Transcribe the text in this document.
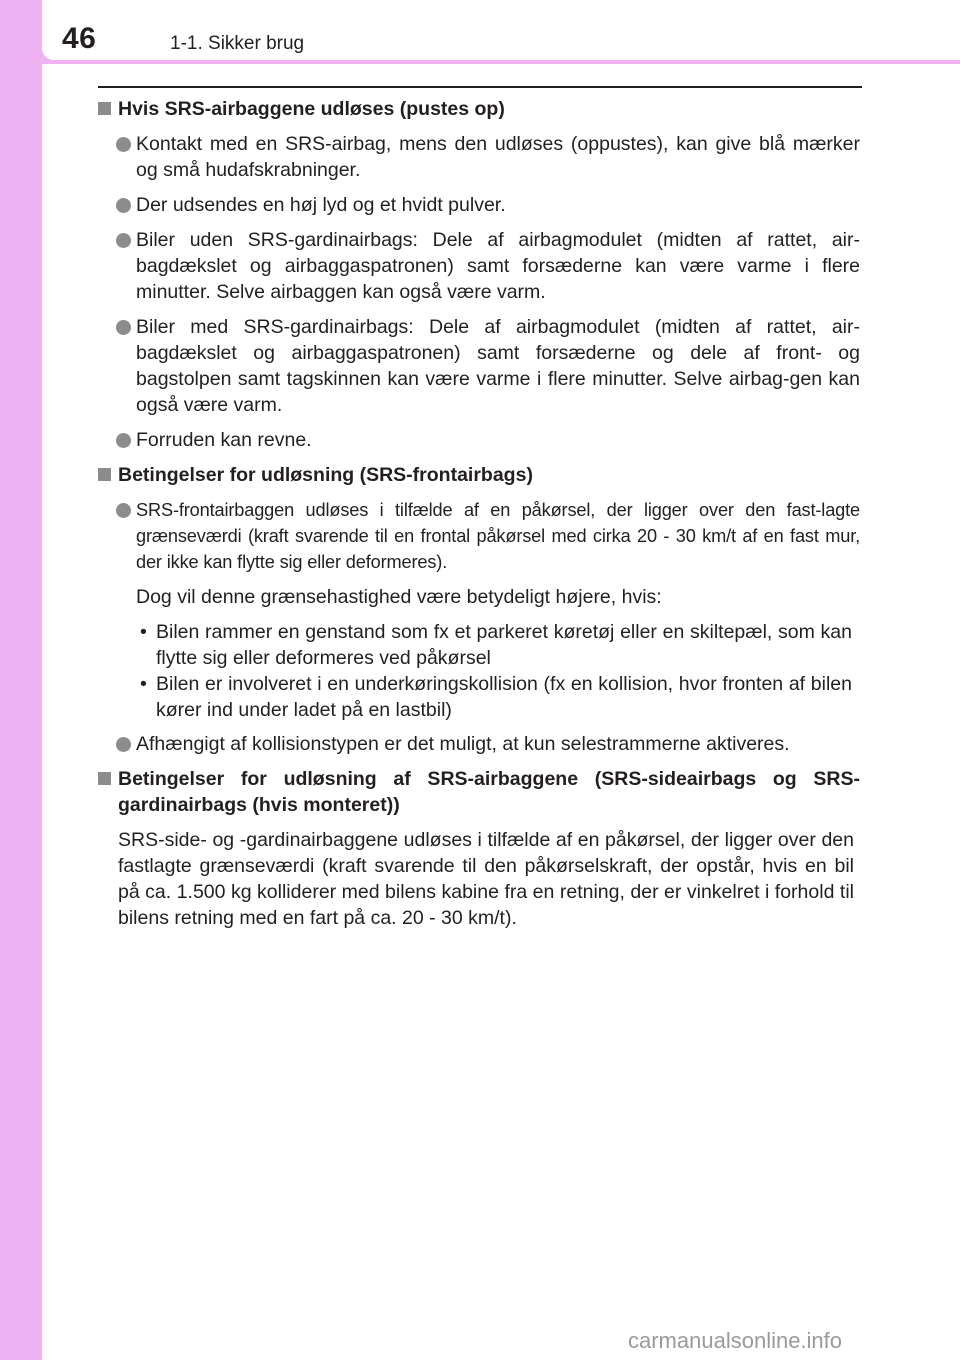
46	1-1. Sikker brug
Hvis SRS-airbaggene udløses (pustes op)
Kontakt med en SRS-airbag, mens den udløses (oppustes), kan give blå mærker og små hudafskrabninger.
Der udsendes en høj lyd og et hvidt pulver.
Biler uden SRS-gardinairbags: Dele af airbagmodulet (midten af rattet, air-bagdækslet og airbaggaspatronen) samt forsæderne kan være varme i flere minutter. Selve airbaggen kan også være varm.
Biler med SRS-gardinairbags: Dele af airbagmodulet (midten af rattet, air-bagdækslet og airbaggaspatronen) samt forsæderne og dele af front- og bagstolpen samt tagskinnen kan være varme i flere minutter. Selve airbag-gen kan også være varm.
Forruden kan revne.
Betingelser for udløsning (SRS-frontairbags)
SRS-frontairbaggen udløses i tilfælde af en påkørsel, der ligger over den fast-lagte grænseværdi (kraft svarende til en frontal påkørsel med cirka 20 - 30 km/t af en fast mur, der ikke kan flytte sig eller deformeres).
Dog vil denne grænsehastighed være betydeligt højere, hvis:
• Bilen rammer en genstand som fx et parkeret køretøj eller en skiltepæl, som kan flytte sig eller deformeres ved påkørsel
• Bilen er involveret i en underkøringskollision (fx en kollision, hvor fronten af bilen kører ind under ladet på en lastbil)
Afhængigt af kollisionstypen er det muligt, at kun selestrammerne aktiveres.
Betingelser for udløsning af SRS-airbaggene (SRS-sideairbags og SRS-gardinairbags (hvis monteret))
SRS-side- og -gardinairbaggene udløses i tilfælde af en påkørsel, der ligger over den fastlagte grænseværdi (kraft svarende til den påkørselskraft, der opstår, hvis en bil på ca. 1.500 kg kolliderer med bilens kabine fra en retning, der er vinkelret i forhold til bilens retning med en fart på ca. 20 - 30 km/t).
carmanualsonline.info
